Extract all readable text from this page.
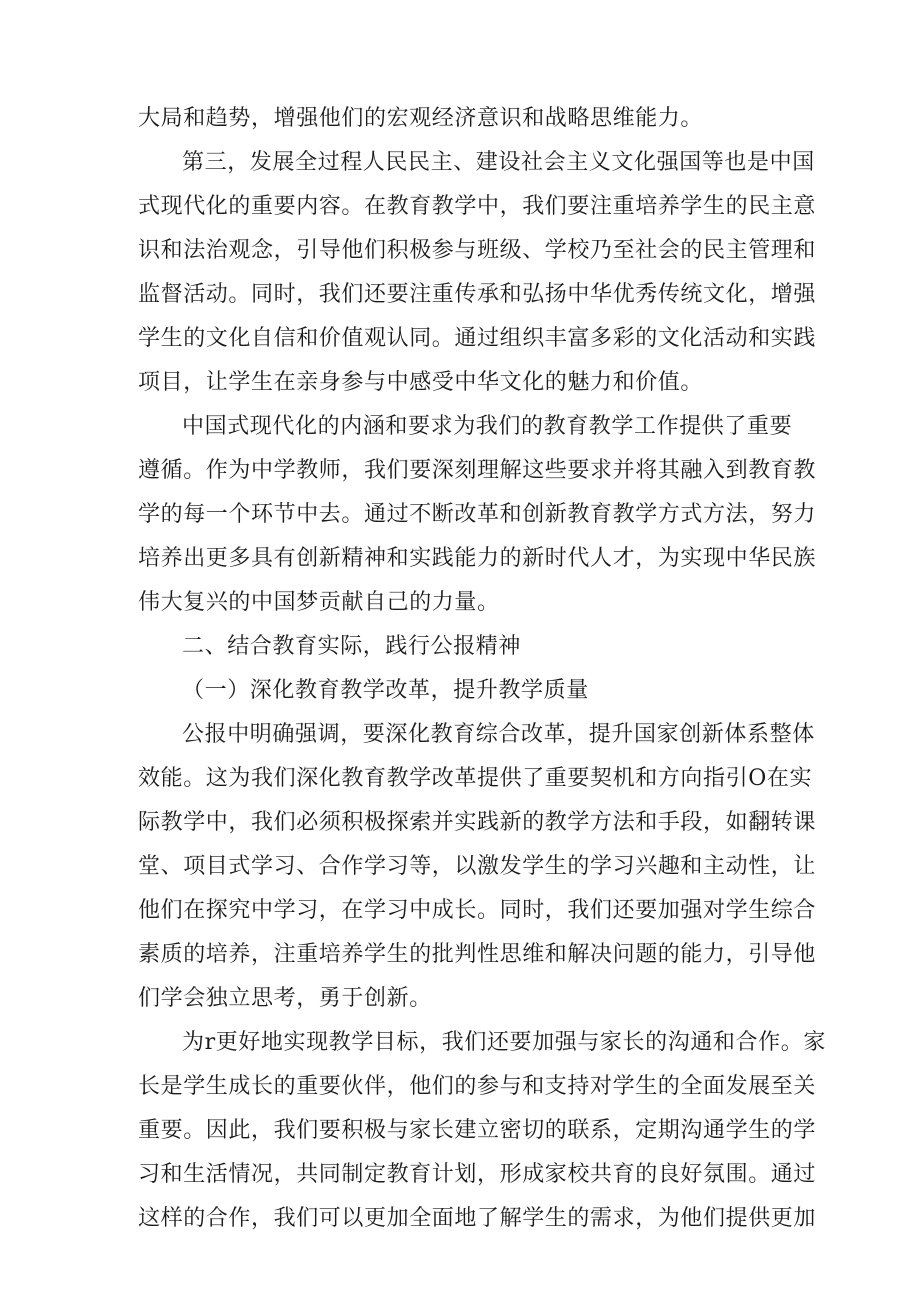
大局和趋势，增强他们的宏观经济意识和战略思维能力。
第三，发展全过程人民民主、建设社会主义文化强国等也是中国
式现代化的重要内容。在教育教学中，我们要注重培养学生的民主意
识和法治观念，引导他们积极参与班级、学校乃至社会的民主管理和
监督活动。同时，我们还要注重传承和弘扬中华优秀传统文化，增强
学生的文化自信和价值观认同。通过组织丰富多彩的文化活动和实践
项目，让学生在亲身参与中感受中华文化的魅力和价值。
中国式现代化的内涵和要求为我们的教育教学工作提供了重要
遵循。作为中学教师，我们要深刻理解这些要求并将其融入到教育教
学的每一个环节中去。通过不断改革和创新教育教学方式方法，努力
培养出更多具有创新精神和实践能力的新时代人才，为实现中华民族
伟大复兴的中国梦贡献自己的力量。
二、结合教育实际，践行公报精神
（一）深化教育教学改革，提升教学质量
公报中明确强调，要深化教育综合改革，提升国家创新体系整体
效能。这为我们深化教育教学改革提供了重要契机和方向指引O在实
际教学中，我们必须积极探索并实践新的教学方法和手段，如翻转课
堂、项目式学习、合作学习等，以激发学生的学习兴趣和主动性，让
他们在探究中学习，在学习中成长。同时，我们还要加强对学生综合
素质的培养，注重培养学生的批判性思维和解决问题的能力，引导他
们学会独立思考，勇于创新。
为r更好地实现教学目标，我们还要加强与家长的沟通和合作。家
长是学生成长的重要伙伴，他们的参与和支持对学生的全面发展至关
重要。因此，我们要积极与家长建立密切的联系，定期沟通学生的学
习和生活情况，共同制定教育计划，形成家校共育的良好氛围。通过
这样的合作，我们可以更加全面地了解学生的需求，为他们提供更加
